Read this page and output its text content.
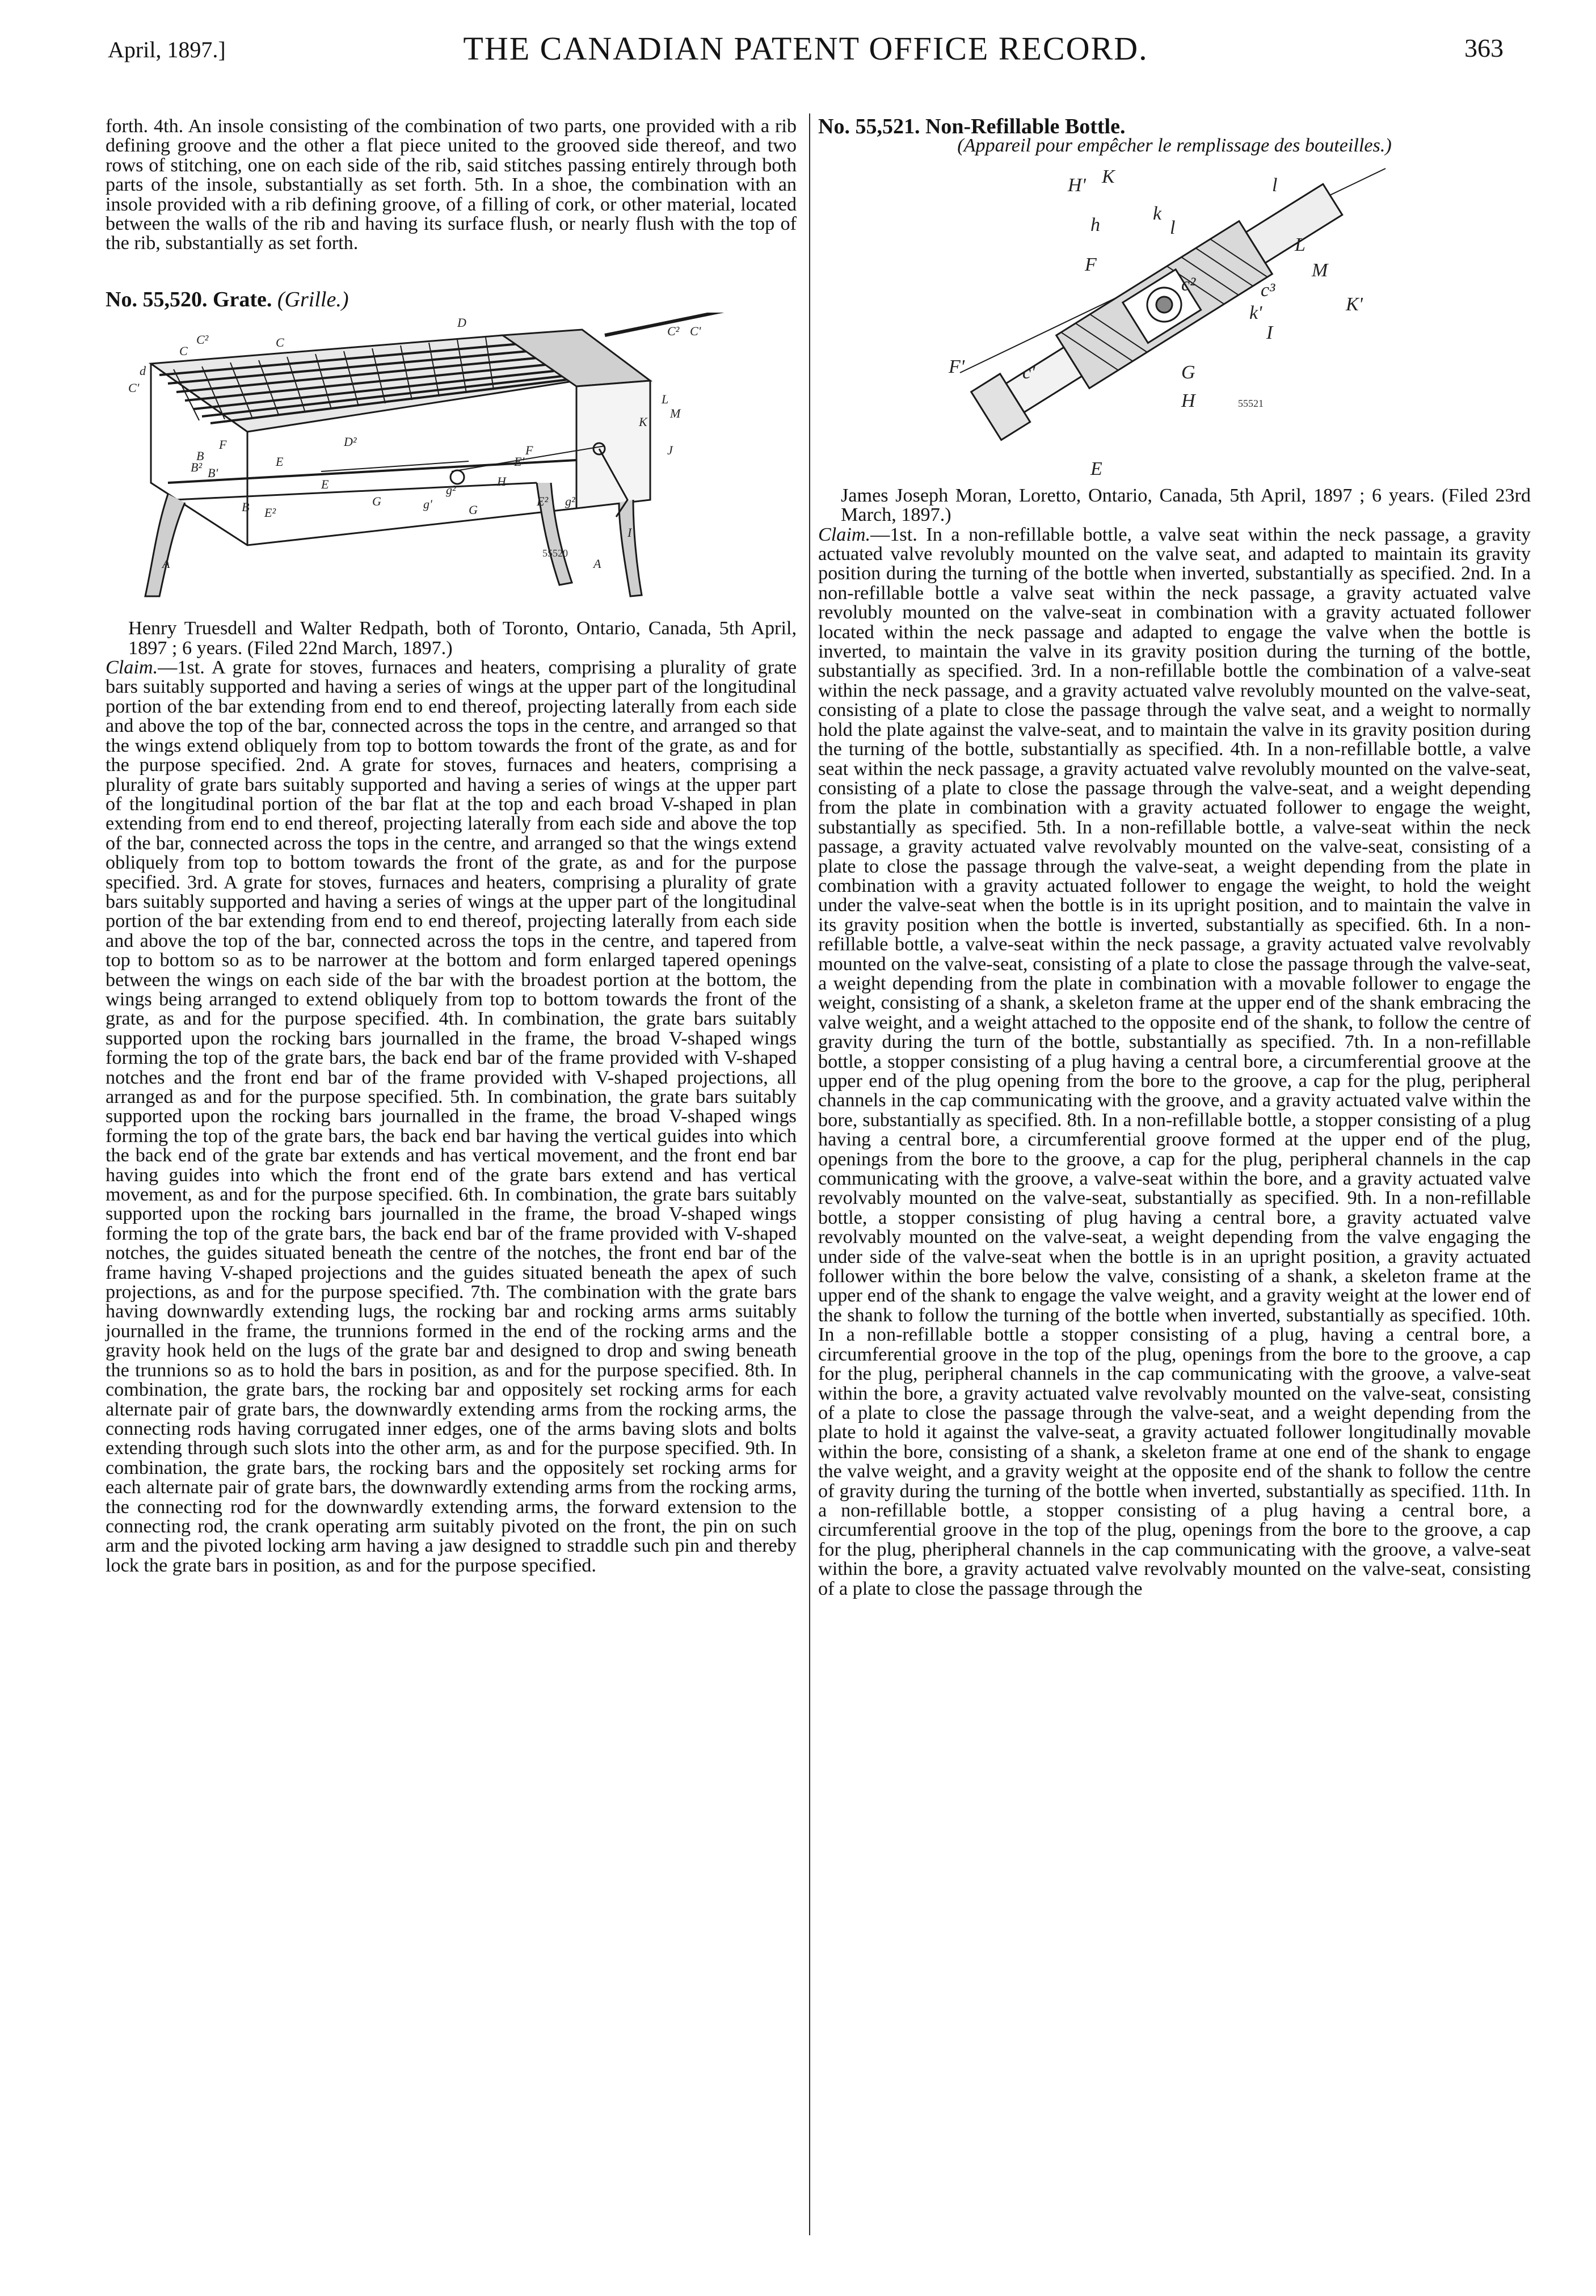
April, 1897.]	THE CANADIAN PATENT OFFICE RECORD.	363

forth. 4th. An insole consisting of the combination of two parts, one provided with a rib defining groove and the other a flat piece united to the grooved side thereof, and two rows of stitching, one on each side of the rib, said stitches passing entirely through both parts of the insole, substantially as set forth. 5th. In a shoe, the combination with an insole provided with a rib defining groove, of a filling of cork, or other material, located between the walls of the rib and having its surface flush, or nearly flush with the top of the rib, substantially as set forth.

No. 55,520. Grate. (Grille.)

D
C
C
C² C'
C²
d
C'
L
M
K
F
B
D²
E
F
E'
H
J
B² B'
E
G	g'
g²
G
E² g²
I
A
B E²
A
55520

Henry Truesdell and Walter Redpath, both of Toronto, Ontario, Canada, 5th April, 1897 ; 6 years. (Filed 22nd March, 1897.)

Claim.—1st. A grate for stoves, furnaces and heaters, comprising a plurality of grate bars suitably supported and having a series of wings at the upper part of the longitudinal portion of the bar extending from end to end thereof, projecting laterally from each side and above the top of the bar, connected across the tops in the centre, and arranged so that the wings extend obliquely from top to bottom towards the front of the grate, as and for the purpose specified. 2nd. A grate for stoves, furnaces and heaters, comprising a plurality of grate bars suitably supported and having a series of wings at the upper part of the longitudinal portion of the bar flat at the top and each broad V-shaped in plan extending from end to end thereof, projecting laterally from each side and above the top of the bar, connected across the tops in the centre, and arranged so that the wings extend obliquely from top to bottom towards the front of the grate, as and for the purpose specified. 3rd. A grate for stoves, furnaces and heaters, comprising a plurality of grate bars suitably supported and having a series of wings at the upper part of the longitudinal portion of the bar extending from end to end thereof, projecting laterally from each side and above the top of the bar, connected across the tops in the centre, and tapered from top to bottom so as to be narrower at the bottom and form enlarged tapered openings between the wings on each side of the bar with the broadest portion at the bottom, the wings being arranged to extend obliquely from top to bottom towards the front of the grate, as and for the purpose specified. 4th. In combination, the grate bars suitably supported upon the rocking bars journalled in the frame, the broad V-shaped wings forming the top of the grate bars, the back end bar of the frame provided with V-shaped notches and the front end bar of the frame provided with V-shaped projections, all arranged as and for the purpose specified. 5th. In combination, the grate bars suitably supported upon the rocking bars journalled in the frame, the broad V-shaped wings forming the top of the grate bars, the back end bar having the vertical guides into which the back end of the grate bar extends and has vertical movement, and the front end bar having guides into which the front end of the grate bars extend and has vertical movement, as and for the purpose specified. 6th. In combination, the grate bars suitably supported upon the rocking bars journalled in the frame, the broad V-shaped wings forming the top of the grate bars, the back end bar of the frame provided with V-shaped notches, the guides situated beneath the centre of the notches, the front end bar of the frame having V-shaped projections and the guides situated beneath the apex of such projections, as and for the purpose specified. 7th. The combination with the grate bars having downwardly extending lugs, the rocking bar and rocking arms arms suitably journalled in the frame, the trunnions formed in the end of the rocking arms and the gravity hook held on the lugs of the grate bar and designed to drop and swing beneath the trunnions so as to hold the bars in position, as and for the purpose specified. 8th. In combination, the grate bars, the rocking bar and oppositely set rocking arms for each alternate pair of grate bars, the downwardly extending arms from the rocking arms, the connecting rods having corrugated inner edges, one of the arms baving slots and bolts extending through such slots into the other arm, as and for the purpose specified. 9th. In combination, the grate bars, the rocking bars and the oppositely set rocking arms for each alternate pair of grate bars, the downwardly extending arms from the rocking arms, the connecting rod for the downwardly extending arms, the forward extension to the connecting rod, the crank operating arm suitably pivoted on the front, the pin on such arm and the pivoted locking arm having a jaw designed to straddle such pin and thereby lock the grate bars in position, as and for the purpose specified.

No. 55,521. Non-Refillable Bottle.

(Appareil pour empêcher le remplissage des bouteilles.)

H' K
k
l
h	l
L
F	M
c²	c³
K'
k'
I
F'	c'	G
H
E
55521

James Joseph Moran, Loretto, Ontario, Canada, 5th April, 1897 ; 6 years. (Filed 23rd March, 1897.)

Claim.—1st. In a non-refillable bottle, a valve seat within the neck passage, a gravity actuated valve revolubly mounted on the valve seat, and adapted to maintain its gravity position during the turning of the bottle when inverted, substantially as specified. 2nd. In a non-refillable bottle a valve seat within the neck passage, a gravity actuated valve revolubly mounted on the valve-seat in combination with a gravity actuated follower located within the neck passage and adapted to engage the valve when the bottle is inverted, to maintain the valve in its gravity position during the turning of the bottle, substantially as specified. 3rd. In a non-refillable bottle the combination of a valve-seat within the neck passage, and a gravity actuated valve revolubly mounted on the valve-seat, consisting of a plate to close the passage through the valve seat, and a weight to normally hold the plate against the valve-seat, and to maintain the valve in its gravity position during the turning of the bottle, substantially as specified. 4th. In a non-refillable bottle, a valve seat within the neck passage, a gravity actuated valve revolubly mounted on the valve-seat, consisting of a plate to close the passage through the valve-seat, and a weight depending from the plate in combination with a gravity actuated follower to engage the weight, substantially as specified. 5th. In a non-refillable bottle, a valve-seat within the neck passage, a gravity actuated valve revolvably mounted on the valve-seat, consisting of a plate to close the passage through the valve-seat, a weight depending from the plate in combination with a gravity actuated follower to engage the weight, to hold the weight under the valve-seat when the bottle is in its upright position, and to maintain the valve in its gravity position when the bottle is inverted, substantially as specified. 6th. In a non-refillable bottle, a valve-seat within the neck passage, a gravity actuated valve revolvably mounted on the valve-seat, consisting of a plate to close the passage through the valve-seat, a weight depending from the plate in combination with a movable follower to engage the weight, consisting of a shank, a skeleton frame at the upper end of the shank embracing the valve weight, and a weight attached to the opposite end of the shank, to follow the centre of gravity during the turn of the bottle, substantially as specified. 7th. In a non-refillable bottle, a stopper consisting of a plug having a central bore, a circumferential groove at the upper end of the plug opening from the bore to the groove, a cap for the plug, peripheral channels in the cap communicating with the groove, and a gravity actuated valve within the bore, substantially as specified. 8th. In a non-refillable bottle, a stopper consisting of a plug having a central bore, a circumferential groove formed at the upper end of the plug, openings from the bore to the groove, a cap for the plug, peripheral channels in the cap communicating with the groove, a valve-seat within the bore, and a gravity actuated valve revolvably mounted on the valve-seat, substantially as specified. 9th. In a non-refillable bottle, a stopper consisting of plug having a central bore, a gravity actuated valve revolvably mounted on the valve-seat, a weight depending from the valve engaging the under side of the valve-seat when the bottle is in an upright position, a gravity actuated follower within the bore below the valve, consisting of a shank, a skeleton frame at the upper end of the shank to engage the valve weight, and a gravity weight at the lower end of the shank to follow the turning of the bottle when inverted, substantially as specified. 10th. In a non-refillable bottle a stopper consisting of a plug, having a central bore, a circumferential groove in the top of the plug, openings from the bore to the groove, a cap for the plug, peripheral channels in the cap communicating with the groove, a valve-seat within the bore, a gravity actuated valve revolvably mounted on the valve-seat, consisting of a plate to close the passage through the valve-seat, and a weight depending from the plate to hold it against the valve-seat, a gravity actuated follower longitudinally movable within the bore, consisting of a shank, a skeleton frame at one end of the shank to engage the valve weight, and a gravity weight at the opposite end of the shank to follow the centre of gravity during the turning of the bottle when inverted, substantially as specified. 11th. In a non-refillable bottle, a stopper consisting of a plug having a central bore, a circumferential groove in the top of the plug, openings from the bore to the groove, a cap for the plug, pheripheral channels in the cap communicating with the groove, a valve-seat within the bore, a gravity actuated valve revolvably mounted on the valve-seat, consisting of a plate to close the passage through the
